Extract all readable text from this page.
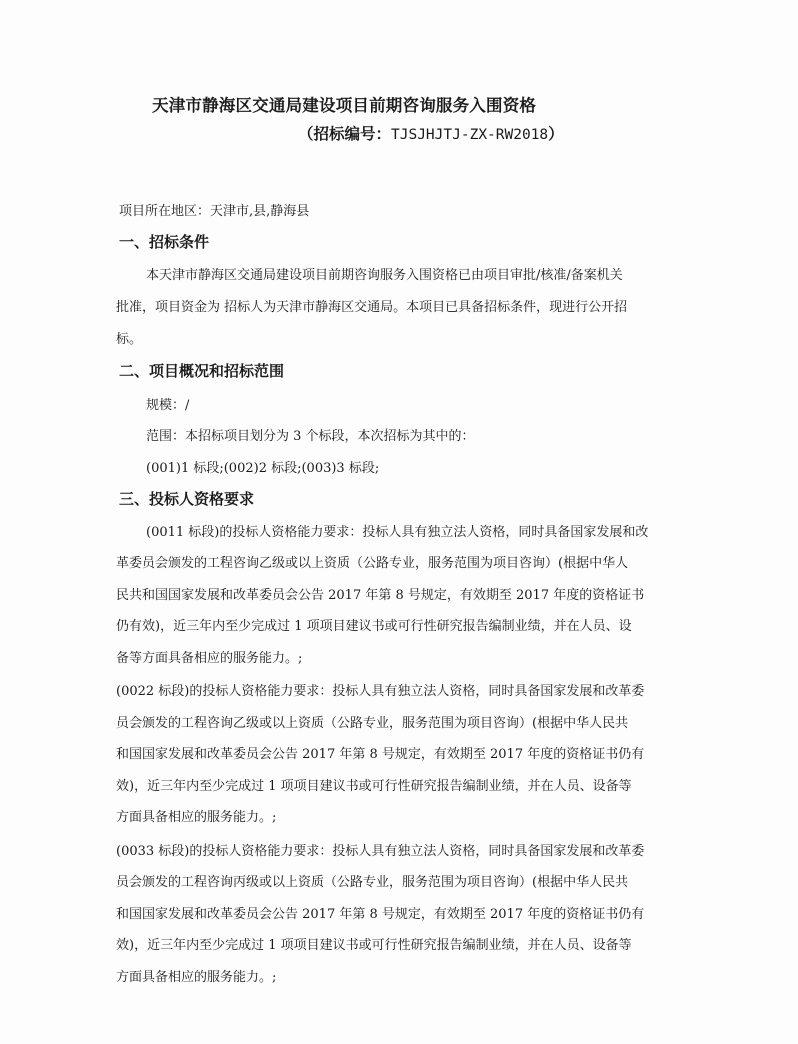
天津市静海区交通局建设项目前期咨询服务入围资格
（招标编号：TJSJHJTJ-ZX-RW2018）
项目所在地区：天津市,县,静海县
一、招标条件
本天津市静海区交通局建设项目前期咨询服务入围资格已由项目审批/核准/备案机关
批准，项目资金为 招标人为天津市静海区交通局。本项目已具备招标条件，现进行公开招
标。
二、项目概况和招标范围
规模：/
范围：本招标项目划分为 3 个标段，本次招标为其中的：
(001)1 标段;(002)2 标段;(003)3 标段;
三、投标人资格要求
(0011 标段)的投标人资格能力要求：投标人具有独立法人资格，同时具备国家发展和改
革委员会颁发的工程咨询乙级或以上资质（公路专业，服务范围为项目咨询）(根据中华人
民共和国国家发展和改革委员会公告 2017 年第 8 号规定，有效期至 2017 年度的资格证书
仍有效)，近三年内至少完成过 1 项项目建议书或可行性研究报告编制业绩，并在人员、设
备等方面具备相应的服务能力。;
(0022 标段)的投标人资格能力要求：投标人具有独立法人资格，同时具备国家发展和改革委
员会颁发的工程咨询乙级或以上资质（公路专业，服务范围为项目咨询）(根据中华人民共
和国国家发展和改革委员会公告 2017 年第 8 号规定，有效期至 2017 年度的资格证书仍有
效)，近三年内至少完成过 1 项项目建议书或可行性研究报告编制业绩，并在人员、设备等
方面具备相应的服务能力。;
(0033 标段)的投标人资格能力要求：投标人具有独立法人资格，同时具备国家发展和改革委
员会颁发的工程咨询丙级或以上资质（公路专业，服务范围为项目咨询）(根据中华人民共
和国国家发展和改革委员会公告 2017 年第 8 号规定，有效期至 2017 年度的资格证书仍有
效)，近三年内至少完成过 1 项项目建议书或可行性研究报告编制业绩，并在人员、设备等
方面具备相应的服务能力。;
